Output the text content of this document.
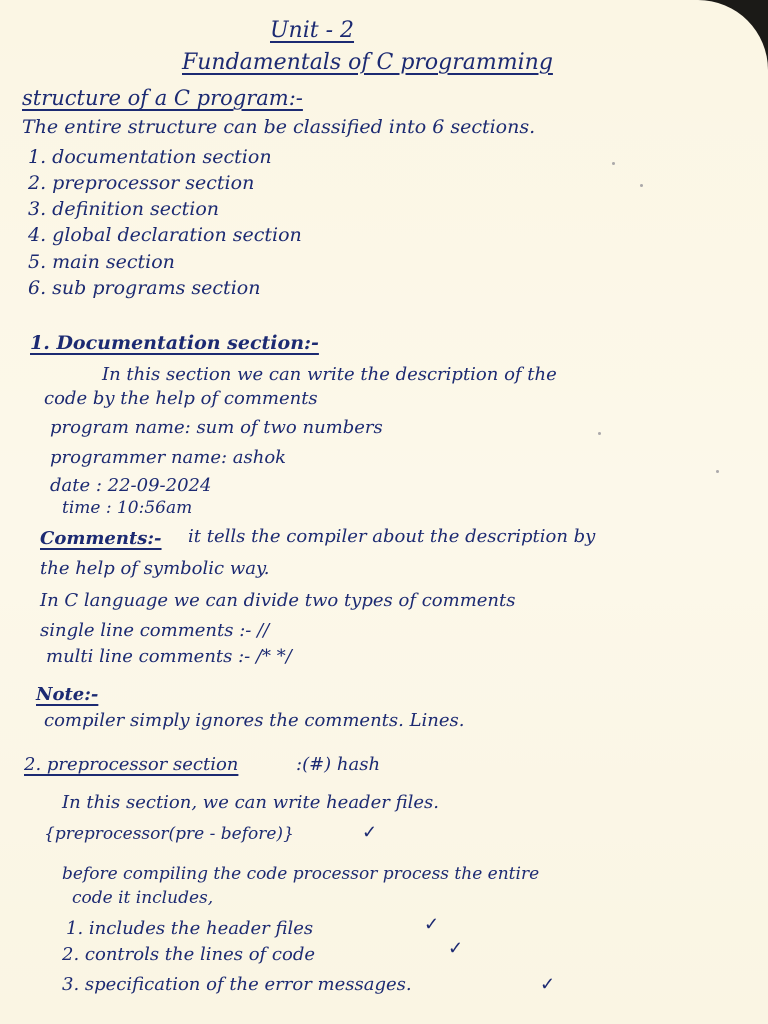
Unit - 2
Fundamentals of C programming
structure of a C program:-
The entire structure can be classified into 6 sections.
1. documentation section
2. preprocessor section
3. definition section
4. global declaration section
5. main section
6. sub programs section
1. Documentation section:-
In this section we can write the description of the
code by the help of comments
program name: sum of two numbers
programmer name: ashok
date : 22-09-2024
time : 10:56am
Comments:- it tells the compiler about the description by
the help of symbolic way.
In C language we can divide two types of comments
single line comments :- //
multi line comments :- /* */
Note:-
compiler simply ignores the comments. Lines.
2. preprocessor section	:(#) hash
In this section, we can write header files.
{preprocessor(pre - before)}	✓
before compiling the code processor process the entire
code it includes,
1. includes the header files	✓
2. controls the lines of code	✓
3. specification of the error messages.	✓
